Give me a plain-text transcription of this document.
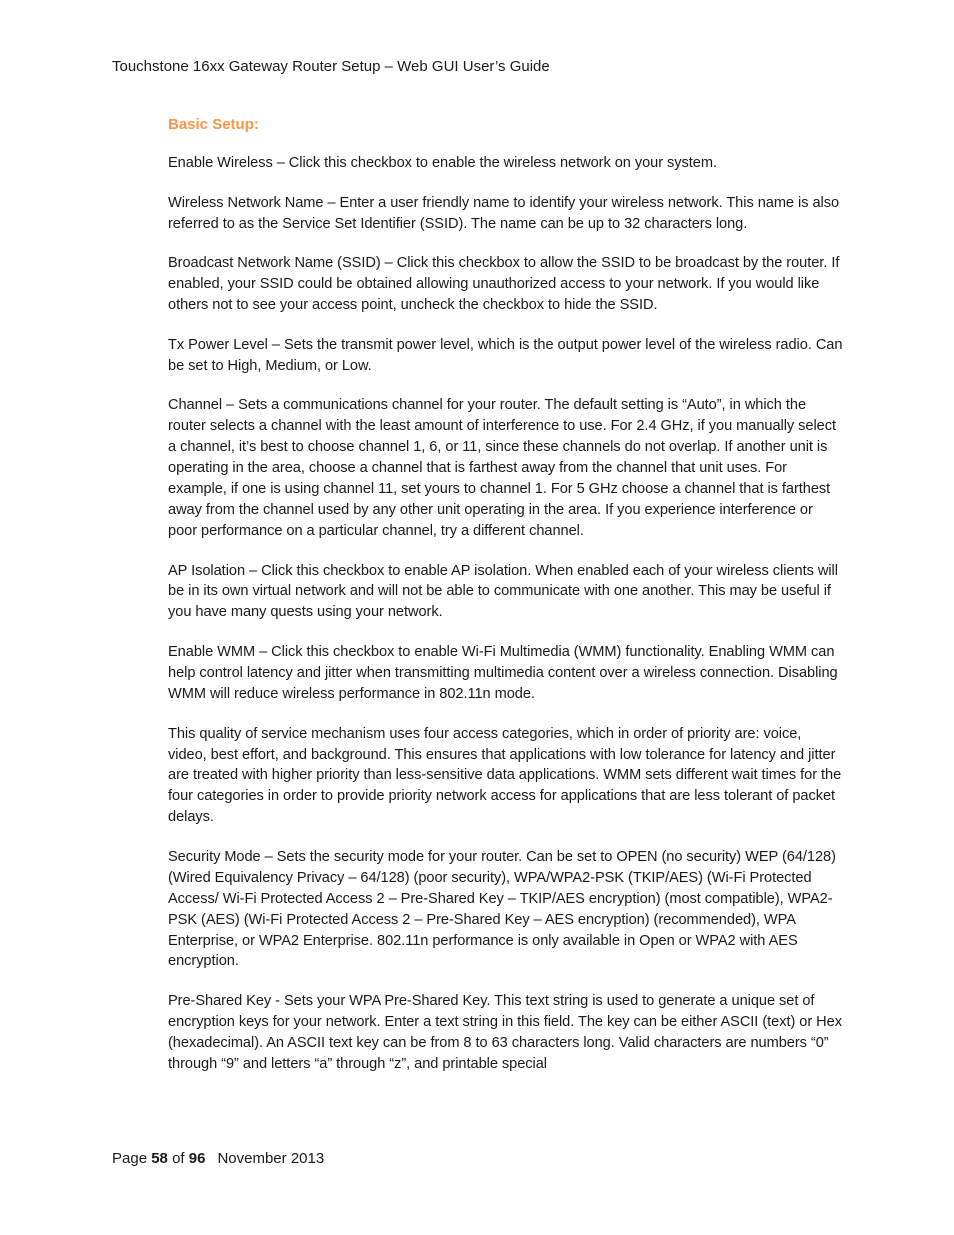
Touchstone 16xx Gateway Router Setup – Web GUI User’s Guide
Basic Setup:
Enable Wireless – Click this checkbox to enable the wireless network on your system.
Wireless Network Name – Enter a user friendly name to identify your wireless network. This name is also referred to as the Service Set Identifier (SSID). The name can be up to 32 characters long.
Broadcast Network Name (SSID) – Click this checkbox to allow the SSID to be broadcast by the router. If enabled, your SSID could be obtained allowing unauthorized access to your network. If you would like others not to see your access point, uncheck the checkbox to hide the SSID.
Tx Power Level – Sets the transmit power level, which is the output power level of the wireless radio. Can be set to High, Medium, or Low.
Channel – Sets a communications channel for your router. The default setting is “Auto”, in which the router selects a channel with the least amount of interference to use. For 2.4 GHz, if you manually select a channel, it’s best to choose channel 1, 6, or 11, since these channels do not overlap. If another unit is operating in the area, choose a channel that is farthest away from the channel that unit uses. For example, if one is using channel 11, set yours to channel 1. For 5 GHz choose a channel that is farthest away from the channel used by any other unit operating in the area. If you experience interference or poor performance on a particular channel, try a different channel.
AP Isolation – Click this checkbox to enable AP isolation. When enabled each of your wireless clients will be in its own virtual network and will not be able to communicate with one another. This may be useful if you have many quests using your network.
Enable WMM – Click this checkbox to enable Wi-Fi Multimedia (WMM) functionality. Enabling WMM can help control latency and jitter when transmitting multimedia content over a wireless connection. Disabling WMM will reduce wireless performance in 802.11n mode.
This quality of service mechanism uses four access categories, which in order of priority are: voice, video, best effort, and background. This ensures that applications with low tolerance for latency and jitter are treated with higher priority than less-sensitive data applications. WMM sets different wait times for the four categories in order to provide priority network access for applications that are less tolerant of packet delays.
Security Mode – Sets the security mode for your router. Can be set to OPEN (no security) WEP (64/128) (Wired Equivalency Privacy – 64/128) (poor security), WPA/WPA2-PSK (TKIP/AES) (Wi-Fi Protected Access/ Wi-Fi Protected Access 2 – Pre-Shared Key – TKIP/AES encryption) (most compatible), WPA2-PSK (AES) (Wi-Fi Protected Access 2 – Pre-Shared Key – AES encryption) (recommended), WPA Enterprise, or WPA2 Enterprise. 802.11n performance is only available in Open or WPA2 with AES encryption.
Pre-Shared Key - Sets your WPA Pre-Shared Key. This text string is used to generate a unique set of encryption keys for your network. Enter a text string in this field. The key can be either ASCII (text) or Hex (hexadecimal). An ASCII text key can be from 8 to 63 characters long. Valid characters are numbers “0” through “9” and letters “a” through “z”, and printable special
Page 58 of 96 November 2013
